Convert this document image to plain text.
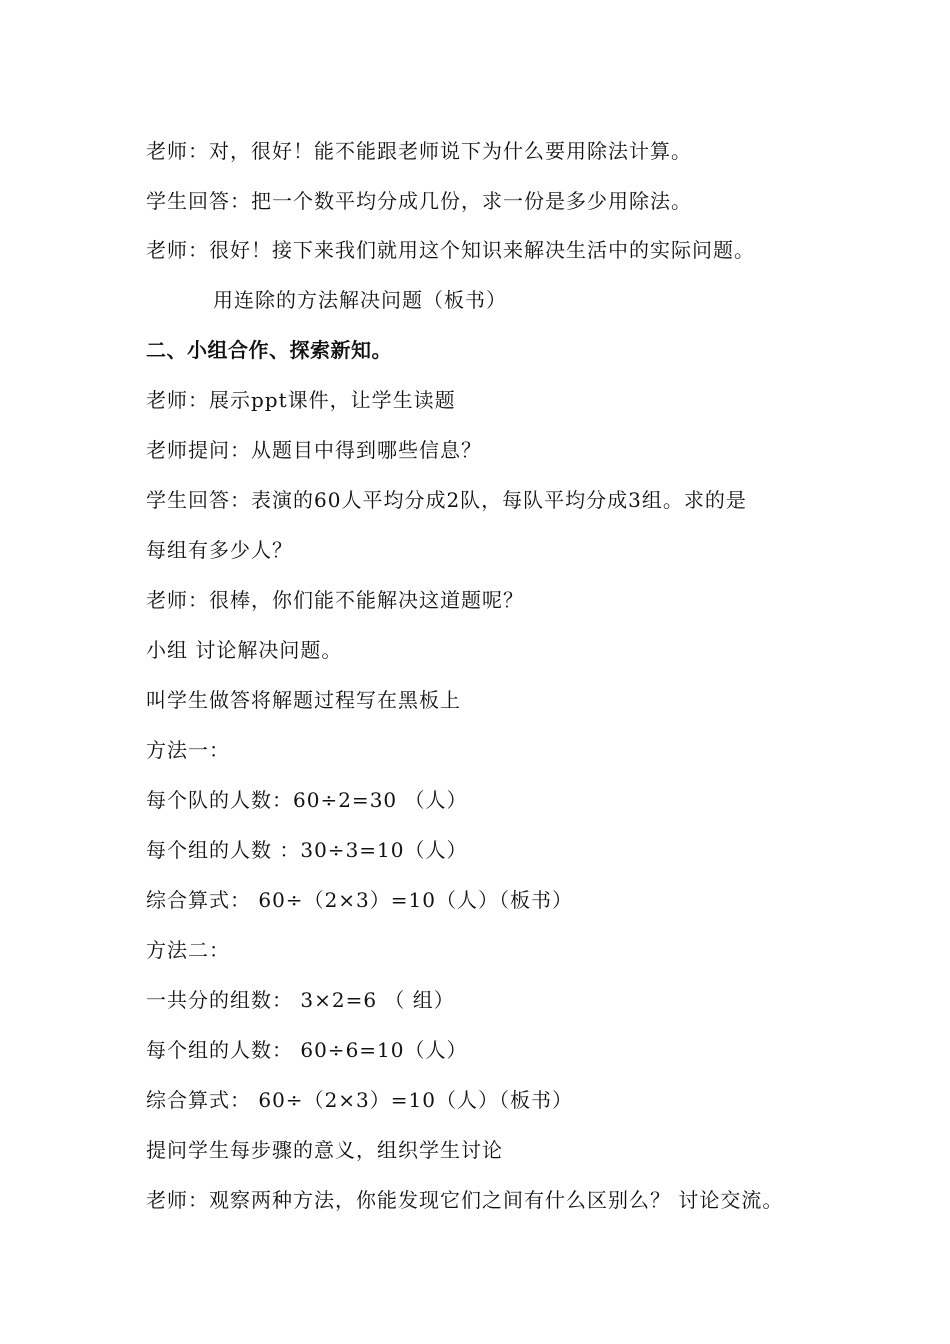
老师：对，很好！能不能跟老师说下为什么要用除法计算。
学生回答：把一个数平均分成几份，求一份是多少用除法。
老师：很好！接下来我们就用这个知识来解决生活中的实际问题。
用连除的方法解决问题（板书）
二、小组合作、探索新知。
老师：展示ppt课件，让学生读题
老师提问：从题目中得到哪些信息？
学生回答：表演的60人平均分成2队，每队平均分成3组。求的是
每组有多少人？
老师：很棒，你们能不能解决这道题呢？
小组 讨论解决问题。
叫学生做答将解题过程写在黑板上
方法一：
每个队的人数：60÷2=30 （人）
每个组的人数 ：30÷3=10（人）
综合算式： 60÷（2×3）=10（人）（板书）
方法二：
一共分的组数： 3×2=6 （ 组）
每个组的人数： 60÷6=10（人）
综合算式： 60÷（2×3）=10（人）（板书）
提问学生每步骤的意义，组织学生讨论
老师：观察两种方法，你能发现它们之间有什么区别么？ 讨论交流。
